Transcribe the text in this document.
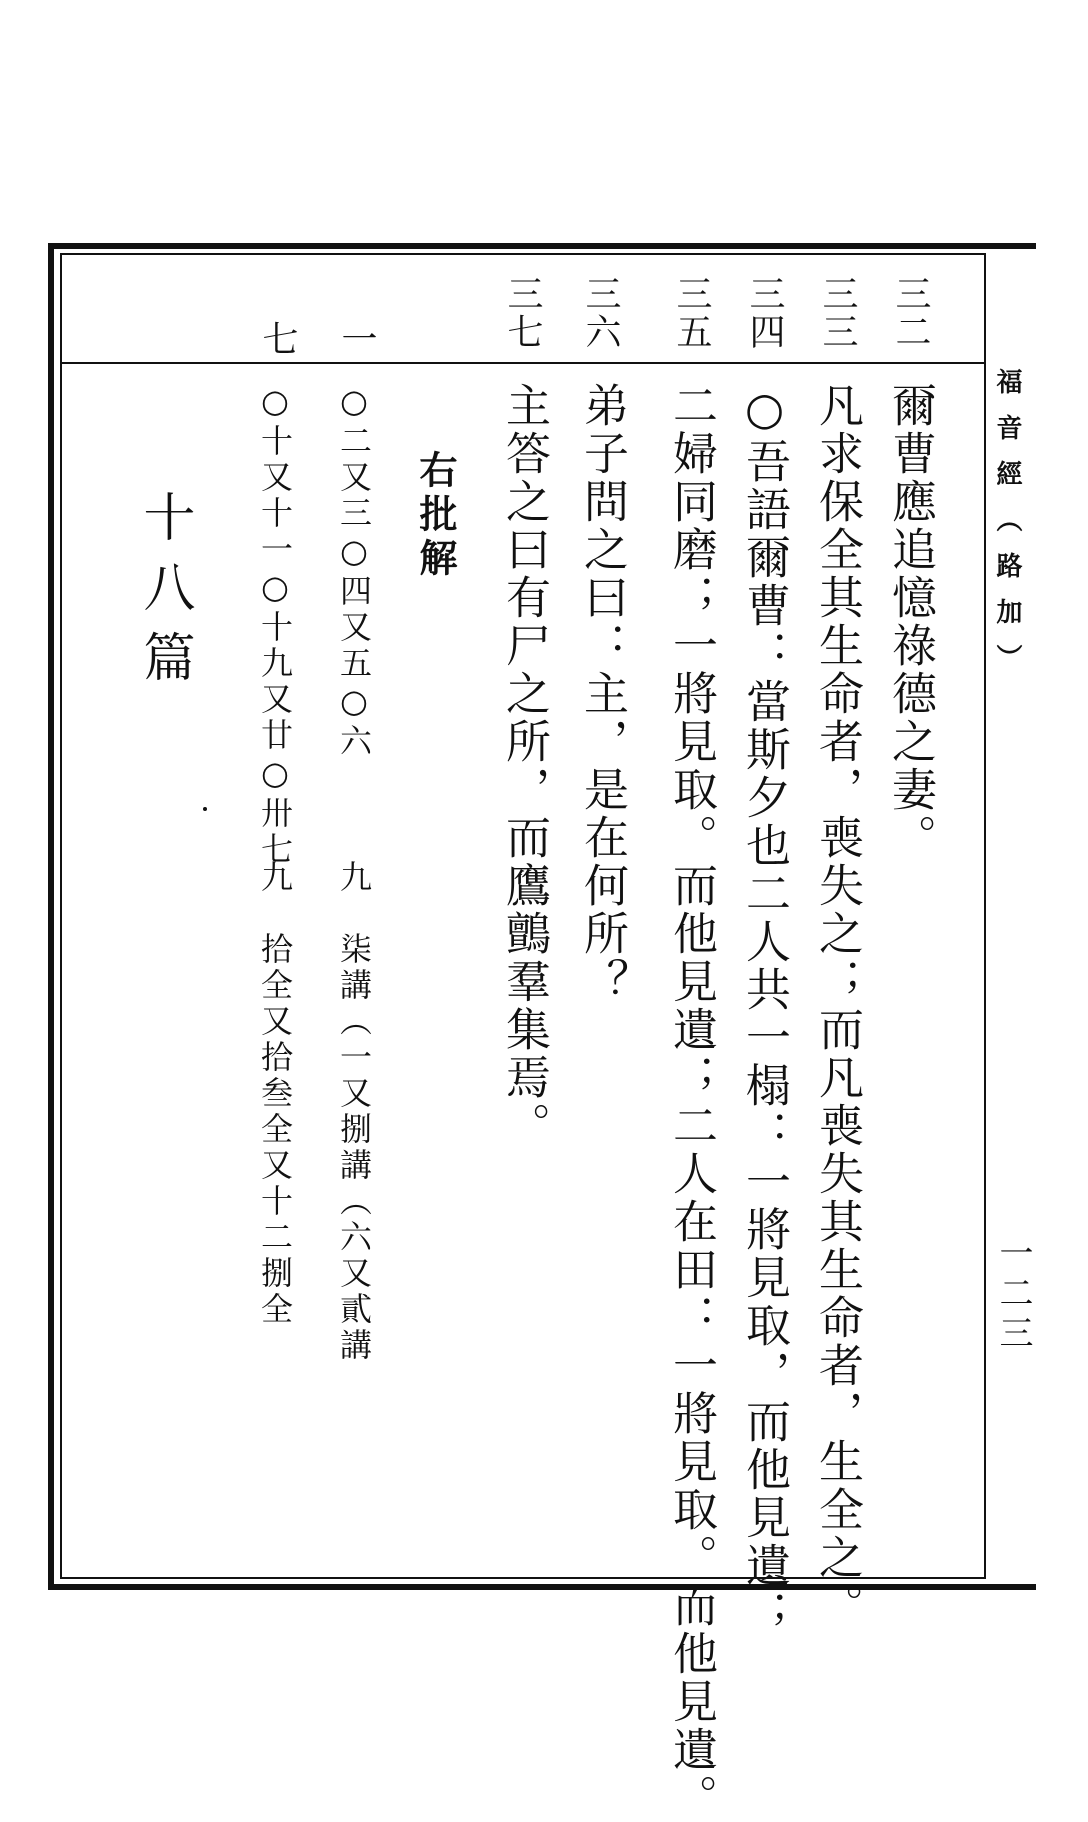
福音經（路加）
一二三
三二
三三
三四
三五
三六
三七
爾曹應追憶祿德之妻。
凡求保全其生命者，喪失之；而凡喪失其生命者，生全之。
○吾語爾曹：當斯夕也二人共一榻：一將見取，而他見遺；
二婦同磨；一將見取。而他見遺；二人在田：一將見取。而他見遺。
弟子問之曰：主，是在何所？
主答之曰有尸之所，而鷹鸇羣集焉。
右批解
一
七
○二又三○四又五○六
九　柒講（一又捌講（六又貳講
○十又十一○十九又廿○卅七
九　拾全又拾叁全又十二捌全
十八篇
